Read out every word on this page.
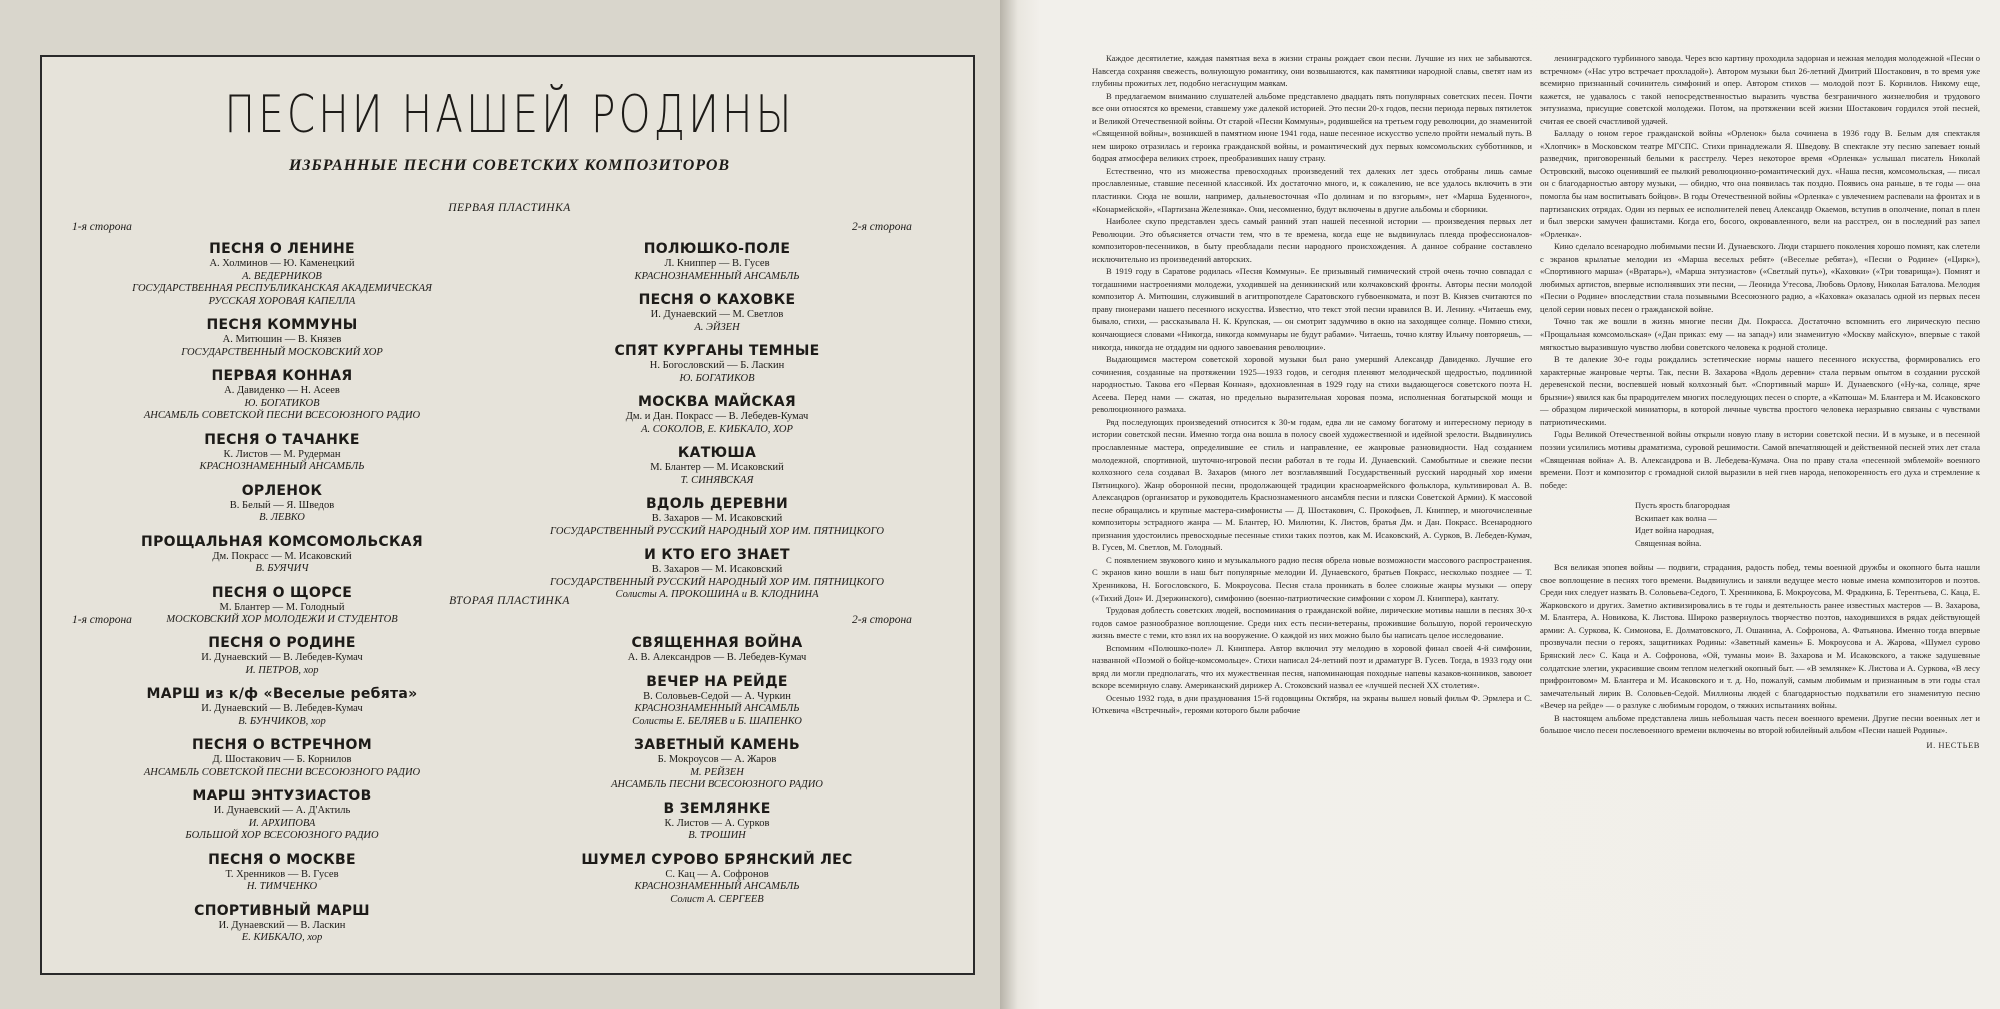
ПЕСНИ НАШЕЙ РОДИНЫ
ИЗБРАННЫЕ ПЕСНИ СОВЕТСКИХ КОМПОЗИТОРОВ
ПЕРВАЯ ПЛАСТИНКА
1-я сторона	2-я сторона
ПЕСНЯ О ЛЕНИНЕ
А. Холминов — Ю. Каменецкий
А. ВЕДЕРНИКОВ
ГОСУДАРСТВЕННАЯ РЕСПУБЛИКАНСКАЯ АКАДЕМИЧЕСКАЯ
РУССКАЯ ХОРОВАЯ КАПЕЛЛА
ПЕСНЯ КОММУНЫ
А. Митюшин — В. Князев
ГОСУДАРСТВЕННЫЙ МОСКОВСКИЙ ХОР
ПЕРВАЯ КОННАЯ
А. Давиденко — Н. Асеев
Ю. БОГАТИКОВ
АНСАМБЛЬ СОВЕТСКОЙ ПЕСНИ ВСЕСОЮЗНОГО РАДИО
ПЕСНЯ О ТАЧАНКЕ
К. Листов — М. Рудерман
КРАСНОЗНАМЕННЫЙ АНСАМБЛЬ
ОРЛЕНОК
В. Белый — Я. Шведов
В. ЛЕВКО
ПРОЩАЛЬНАЯ КОМСОМОЛЬСКАЯ
Дм. Покрасс — М. Исаковский
В. БУЯЧИЧ
ПЕСНЯ О ЩОРСЕ
М. Блантер — М. Голодный
МОСКОВСКИЙ ХОР МОЛОДЕЖИ И СТУДЕНТОВ
ПОЛЮШКО-ПОЛЕ
Л. Книппер — В. Гусев
КРАСНОЗНАМЕННЫЙ АНСАМБЛЬ
ПЕСНЯ О КАХОВКЕ
И. Дунаевский — М. Светлов
А. ЭЙЗЕН
СПЯТ КУРГАНЫ ТЕМНЫЕ
Н. Богословский — Б. Ласкин
Ю. БОГАТИКОВ
МОСКВА МАЙСКАЯ
Дм. и Дан. Покрасс — В. Лебедев-Кумач
А. СОКОЛОВ, Е. КИБКАЛО, ХОР
КАТЮША
М. Блантер — М. Исаковский
Т. СИНЯВСКАЯ
ВДОЛЬ ДЕРЕВНИ
В. Захаров — М. Исаковский
ГОСУДАРСТВЕННЫЙ РУССКИЙ НАРОДНЫЙ ХОР ИМ. ПЯТНИЦКОГО
И КТО ЕГО ЗНАЕТ
В. Захаров — М. Исаковский
ГОСУДАРСТВЕННЫЙ РУССКИЙ НАРОДНЫЙ ХОР ИМ. ПЯТНИЦКОГО
Солисты А. ПРОКОШИНА и В. КЛОДНИНА
ВТОРАЯ ПЛАСТИНКА
1-я сторона	2-я сторона
ПЕСНЯ О РОДИНЕ
И. Дунаевский — В. Лебедев-Кумач
И. ПЕТРОВ, хор
МАРШ из к/ф «Веселые ребята»
И. Дунаевский — В. Лебедев-Кумач
В. БУНЧИКОВ, хор
ПЕСНЯ О ВСТРЕЧНОМ
Д. Шостакович — Б. Корнилов
АНСАМБЛЬ СОВЕТСКОЙ ПЕСНИ ВСЕСОЮЗНОГО РАДИО
МАРШ ЭНТУЗИАСТОВ
И. Дунаевский — А. Д'Актиль
И. АРХИПОВА
БОЛЬШОЙ ХОР ВСЕСОЮЗНОГО РАДИО
ПЕСНЯ О МОСКВЕ
Т. Хренников — В. Гусев
Н. ТИМЧЕНКО
СПОРТИВНЫЙ МАРШ
И. Дунаевский — В. Ласкин
Е. КИБКАЛО, хор
СВЯЩЕННАЯ ВОЙНА
А. В. Александров — В. Лебедев-Кумач
ВЕЧЕР НА РЕЙДЕ
В. Соловьев-Седой — А. Чуркин
КРАСНОЗНАМЕННЫЙ АНСАМБЛЬ
Солисты Е. БЕЛЯЕВ и Б. ШАПЕНКО
ЗАВЕТНЫЙ КАМЕНЬ
Б. Мокроусов — А. Жаров
М. РЕЙЗЕН
АНСАМБЛЬ ПЕСНИ ВСЕСОЮЗНОГО РАДИО
В ЗЕМЛЯНКЕ
К. Листов — А. Сурков
В. ТРОШИН
ШУМЕЛ СУРОВО БРЯНСКИЙ ЛЕС
С. Кац — А. Софронов
КРАСНОЗНАМЕННЫЙ АНСАМБЛЬ
Солист А. СЕРГЕЕВ

Каждое десятилетие, каждая памятная веха в жизни страны рождает свои песни. Лучшие из них не забываются. Навсегда сохраняя свежесть, волнующую романтику, они возвышаются, как памятники народной славы, светят нам из глубины прожитых лет, подобно негаснущим маякам.

В предлагаемом вниманию слушателей альбоме представлено двадцать пять популярных советских песен. Почти все они относятся ко времени, ставшему уже далекой историей. Это песни 20-х годов, песни периода первых пятилеток и Великой Отечественной войны. От старой «Песни Коммуны», родившейся на третьем году революции, до знаменитой «Священной войны», возникшей в памятном июне 1941 года, наше песенное искусство успело пройти немалый путь. В нем широко отразилась и героика гражданской войны, и романтический дух первых комсомольских субботников, и бодрая атмосфера великих строек, преобразивших нашу страну.

Естественно, что из множества превосходных произведений тех далеких лет здесь отобраны лишь самые прославленные, ставшие песенной классикой. Их достаточно много, и, к сожалению, не все удалось включить в эти пластинки. Сюда не вошли, например, дальневосточная «По долинам и по взгорьям», нет «Марша Буденного», «Конармейской», «Партизана Железняка». Они, несомненно, будут включены в другие альбомы и сборники.

Наиболее скупо представлен здесь самый ранний этап нашей песенной истории — произведения первых лет Революции. Это объясняется отчасти тем, что в те времена, когда еще не выдвинулась плеяда профессионалов-композиторов-песенников, в быту преобладали песни народного происхождения. А данное собрание составлено исключительно из произведений авторских.

В 1919 году в Саратове родилась «Песня Коммуны». Ее призывный гимнический строй очень точно совпадал с тогдашними настроениями молодежи, уходившей на деникинский или колчаковский фронты. Авторы песни молодой композитор А. Митюшин, служивший в агитпропотделе Саратовского губвоенкомата, и поэт В. Князев считаются по праву пионерами нашего песенного искусства. Известно, что текст этой песни нравился В. И. Ленину. «Читаешь ему, бывало, стихи, — рассказывала Н. К. Крупская, — он смотрит задумчиво в окно на заходящее солнце. Помню стихи, кончающиеся словами «Никогда, никогда коммунары не будут рабами». Читаешь, точно клятву Ильичу повторяешь, — никогда, никогда не отдадим ни одного завоевания революции».

Выдающимся мастером советской хоровой музыки был рано умерший Александр Давиденко. Лучшие его сочинения, созданные на протяжении 1925—1933 годов, и сегодня пленяют мелодической щедростью, подлинной народностью. Такова его «Первая Конная», вдохновленная в 1929 году на стихи выдающегося советского поэта Н. Асеева. Перед нами — сжатая, но предельно выразительная хоровая поэма, исполненная богатырской мощи и революционного размаха.

Ряд последующих произведений относится к 30-м годам, едва ли не самому богатому и интересному периоду в истории советской песни. Именно тогда она вошла в полосу своей художественной и идейной зрелости. Выдвинулись прославленные мастера, определившие ее стиль и направление, ее жанровые разновидности. Над созданием молодежной, спортивной, шуточно-игровой песни работал в те годы И. Дунаевский. Самобытные и свежие песни колхозного села создавал В. Захаров (много лет возглавлявший Государственный русский народный хор имени Пятницкого). Жанр оборонной песни, продолжающей традиции красноармейского фольклора, культивировал А. В. Александров (организатор и руководитель Краснознаменного ансамбля песни и пляски Советской Армии). К массовой песне обращались и крупные мастера-симфонисты — Д. Шостакович, С. Прокофьев, Л. Книппер, и многочисленные композиторы эстрадного жанра — М. Блантер, Ю. Милютин, К. Листов, братья Дм. и Дан. Покрасс. Всенародного признания удостоились превосходные песенные стихи таких поэтов, как М. Исаковский, А. Сурков, В. Лебедев-Кумач, В. Гусев, М. Светлов, М. Голодный.

С появлением звукового кино и музыкального радио песня обрела новые возможности массового распространения. С экранов кино вошли в наш быт популярные мелодии И. Дунаевского, братьев Покрасс, несколько позднее — Т. Хренникова, Н. Богословского, Б. Мокроусова. Песня стала проникать в более сложные жанры музыки — оперу («Тихий Дон» И. Дзержинского), симфонию (военно-патриотические симфонии с хором Л. Книппера), кантату.

Трудовая доблесть советских людей, воспоминания о гражданской войне, лирические мотивы нашли в песнях 30-х годов самое разнообразное воплощение. Среди них есть песни-ветераны, прожившие большую, порой героическую жизнь вместе с теми, кто взял их на вооружение. О каждой из них можно было бы написать целое исследование.

Вспомним «Полюшко-поле» Л. Книппера. Автор включил эту мелодию в хоровой финал своей 4-й симфонии, названной «Поэмой о бойце-комсомольце». Стихи написал 24-летний поэт и драматург В. Гусев. Тогда, в 1933 году они вряд ли могли предполагать, что их мужественная песня, напоминающая походные напевы казаков-конников, завоюет вскоре всемирную славу. Американский дирижер А. Стоковский назвал ее «лучшей песней XX столетия».

Осенью 1932 года, в дни празднования 15-й годовщины Октября, на экраны вышел новый фильм Ф. Эрмлера и С. Юткевича «Встречный», героями которого были рабочие

ленинградского турбинного завода. Через всю картину проходила задорная и нежная мелодия молодежной «Песни о встречном» («Нас утро встречает прохладой»). Автором музыки был 26-летний Дмитрий Шостакович, в то время уже всемирно признанный сочинитель симфоний и опер. Автором стихов — молодой поэт Б. Корнилов. Никому еще, кажется, не удавалось с такой непосредственностью выразить чувства безграничного жизнелюбия и трудового энтузиазма, присущие советской молодежи. Потом, на протяжении всей жизни Шостакович гордился этой песней, считая ее своей счастливой удачей.

Балладу о юном герое гражданской войны «Орленок» была сочинена в 1936 году В. Белым для спектакля «Хлопчик» в Московском театре МГСПС. Стихи принадлежали Я. Шведову. В спектакле эту песню запевает юный разведчик, приговоренный белыми к расстрелу. Через некоторое время «Орленка» услышал писатель Николай Островский, высоко оценивший ее пылкий революционно-романтический дух. «Наша песня, комсомольская, — писал он с благодарностью автору музыки, — обидно, что она появилась так поздно. Появись она раньше, в те годы — она помогла бы нам воспитывать бойцов». В годы Отечественной войны «Орленка» с увлечением распевали на фронтах и в партизанских отрядах. Один из первых ее исполнителей певец Александр Окаемов, вступив в ополчение, попал в плен и был зверски замучен фашистами. Когда его, босого, окровавленного, вели на расстрел, он в последний раз запел «Орленка».

Кино сделало всенародно любимыми песни И. Дунаевского. Люди старшего поколения хорошо помнят, как слетели с экранов крылатые мелодии из «Марша веселых ребят» («Веселые ребята»), «Песни о Родине» («Цирк»), «Спортивного марша» («Вратарь»), «Марша энтузиастов» («Светлый путь»), «Каховки» («Три товарища»). Помнят и любимых артистов, впервые исполнявших эти песни, — Леонида Утесова, Любовь Орлову, Николая Баталова. Мелодия «Песни о Родине» впоследствии стала позывными Всесоюзного радио, а «Каховка» оказалась одной из первых песен целой серии новых песен о гражданской войне.

Точно так же вошли в жизнь многие песни Дм. Покрасса. Достаточно вспомнить его лирическую песню «Прощальная комсомольская» («Дан приказ: ему — на запад») или знаменитую «Москву майскую», впервые с такой мягкостью выразившую чувство любви советского человека к родной столице.

В те далекие 30-е годы рождались эстетические нормы нашего песенного искусства, формировались его характерные жанровые черты. Так, песни В. Захарова «Вдоль деревни» стала первым опытом в создании русской деревенской песни, воспевшей новый колхозный быт. «Спортивный марш» И. Дунаевского («Ну-ка, солнце, ярче брызни») явился как бы прародителем многих последующих песен о спорте, а «Катюша» М. Блантера и М. Исаковского — образцом лирической миниатюры, в которой личные чувства простого человека неразрывно связаны с чувствами патриотическими.

Годы Великой Отечественной войны открыли новую главу в истории советской песни. И в музыке, и в песенной поэзии усилились мотивы драматизма, суровой решимости. Самой впечатляющей и действенной песней этих лет стала «Священная война» А. В. Александрова и В. Лебедева-Кумача. Она по праву стала «песенной эмблемой» военного времени. Поэт и композитор с громадной силой выразили в ней гнев народа, непокоренность его духа и стремление к победе:

Пусть ярость благородная
Вскипает как волна —
Идет война народная,
Священная война.

Вся великая эпопея войны — подвиги, страдания, радость побед, темы военной дружбы и окопного быта нашли свое воплощение в песнях того времени. Выдвинулись и заняли ведущее место новые имена композиторов и поэтов. Среди них следует назвать В. Соловьева-Седого, Т. Хренникова, Б. Мокроусова, М. Фрадкина, Б. Терентьева, С. Каца, Е. Жарковского и других. Заметно активизировались в те годы и деятельность ранее известных мастеров — В. Захарова, М. Блантера, А. Новикова, К. Листова. Широко развернулось творчество поэтов, находившихся в рядах действующей армии: А. Суркова, К. Симонова, Е. Долматовского, Л. Ошанина, А. Софронова, А. Фатьянова. Именно тогда впервые прозвучали песни о героях, защитниках Родины: «Заветный камень» Б. Мокроусова и А. Жарова, «Шумел сурово Брянский лес» С. Каца и А. Софронова, «Ой, туманы мои» В. Захарова и М. Исаковского, а также задушевные солдатские элегии, украсившие своим теплом нелегкий окопный быт. — «В землянке» К. Листова и А. Суркова, «В лесу прифронтовом» М. Блантера и М. Исаковского и т. д. Но, пожалуй, самым любимым и признанным в эти годы стал замечательный лирик В. Соловьев-Седой. Миллионы людей с благодарностью подхватили его знаменитую песню «Вечер на рейде» — о разлуке с любимым городом, о тяжких испытаниях войны.

В настоящем альбоме представлена лишь небольшая часть песен военного времени. Другие песни военных лет и большое число песен послевоенного времени включены во второй юбилейный альбом «Песни нашей Родины».

И. НЕСТЬЕВ
